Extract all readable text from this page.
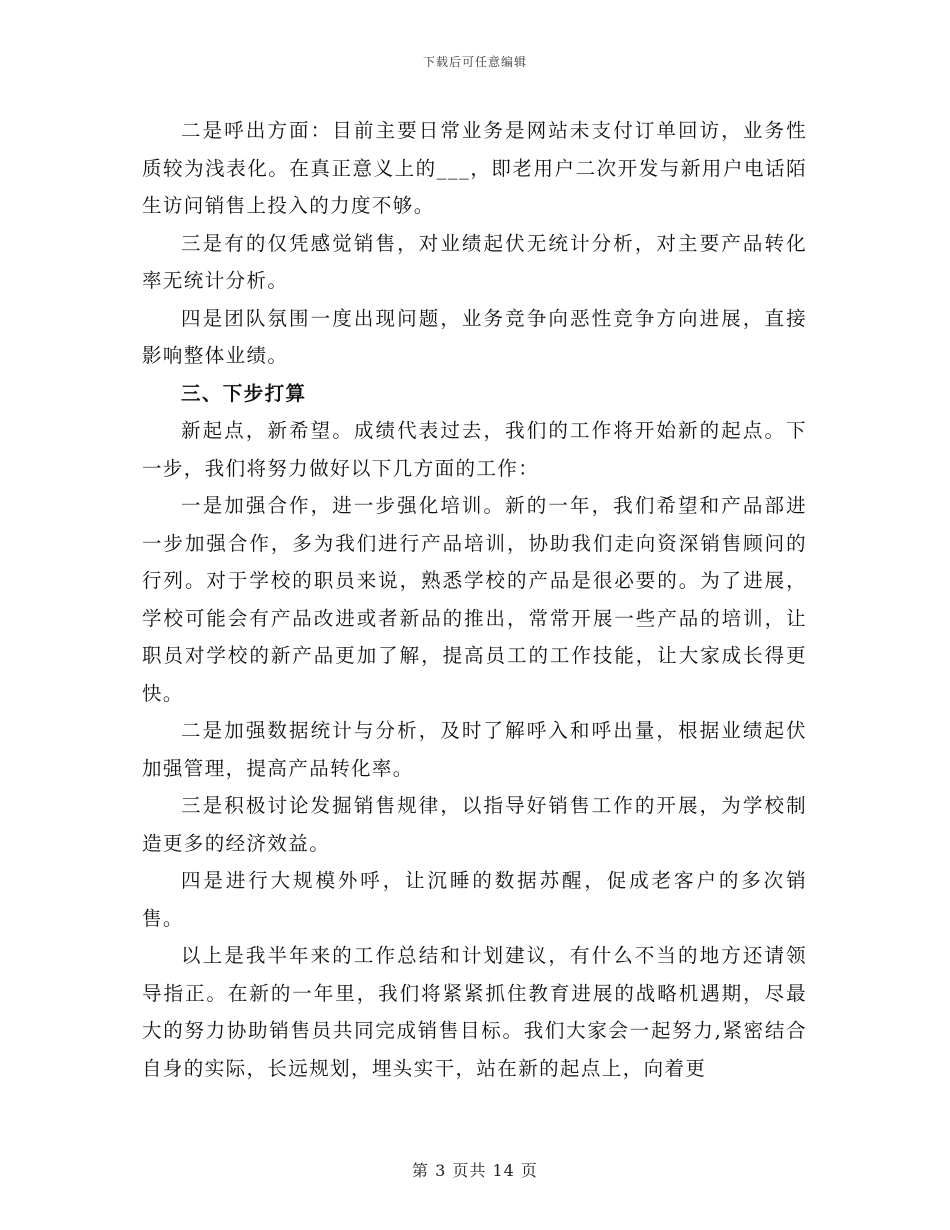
下载后可任意编辑

二是呼出方面：目前主要日常业务是网站未支付订单回访，业务性质较为浅表化。在真正意义上的___，即老用户二次开发与新用户电话陌生访问销售上投入的力度不够。

三是有的仅凭感觉销售，对业绩起伏无统计分析，对主要产品转化率无统计分析。

四是团队氛围一度出现问题，业务竞争向恶性竞争方向进展，直接影响整体业绩。

三、下步打算

新起点，新希望。成绩代表过去，我们的工作将开始新的起点。下一步，我们将努力做好以下几方面的工作：

一是加强合作，进一步强化培训。新的一年，我们希望和产品部进一步加强合作，多为我们进行产品培训，协助我们走向资深销售顾问的行列。对于学校的职员来说，熟悉学校的产品是很必要的。为了进展，学校可能会有产品改进或者新品的推出，常常开展一些产品的培训，让职员对学校的新产品更加了解，提高员工的工作技能，让大家成长得更快。

二是加强数据统计与分析，及时了解呼入和呼出量，根据业绩起伏加强管理，提高产品转化率。

三是积极讨论发掘销售规律，以指导好销售工作的开展，为学校制造更多的经济效益。

四是进行大规模外呼，让沉睡的数据苏醒，促成老客户的多次销售。

以上是我半年来的工作总结和计划建议，有什么不当的地方还请领导指正。在新的一年里，我们将紧紧抓住教育进展的战略机遇期，尽最大的努力协助销售员共同完成销售目标。我们大家会一起努力,紧密结合自身的实际，长远规划，埋头实干，站在新的起点上，向着更

第 3 页共 14 页
